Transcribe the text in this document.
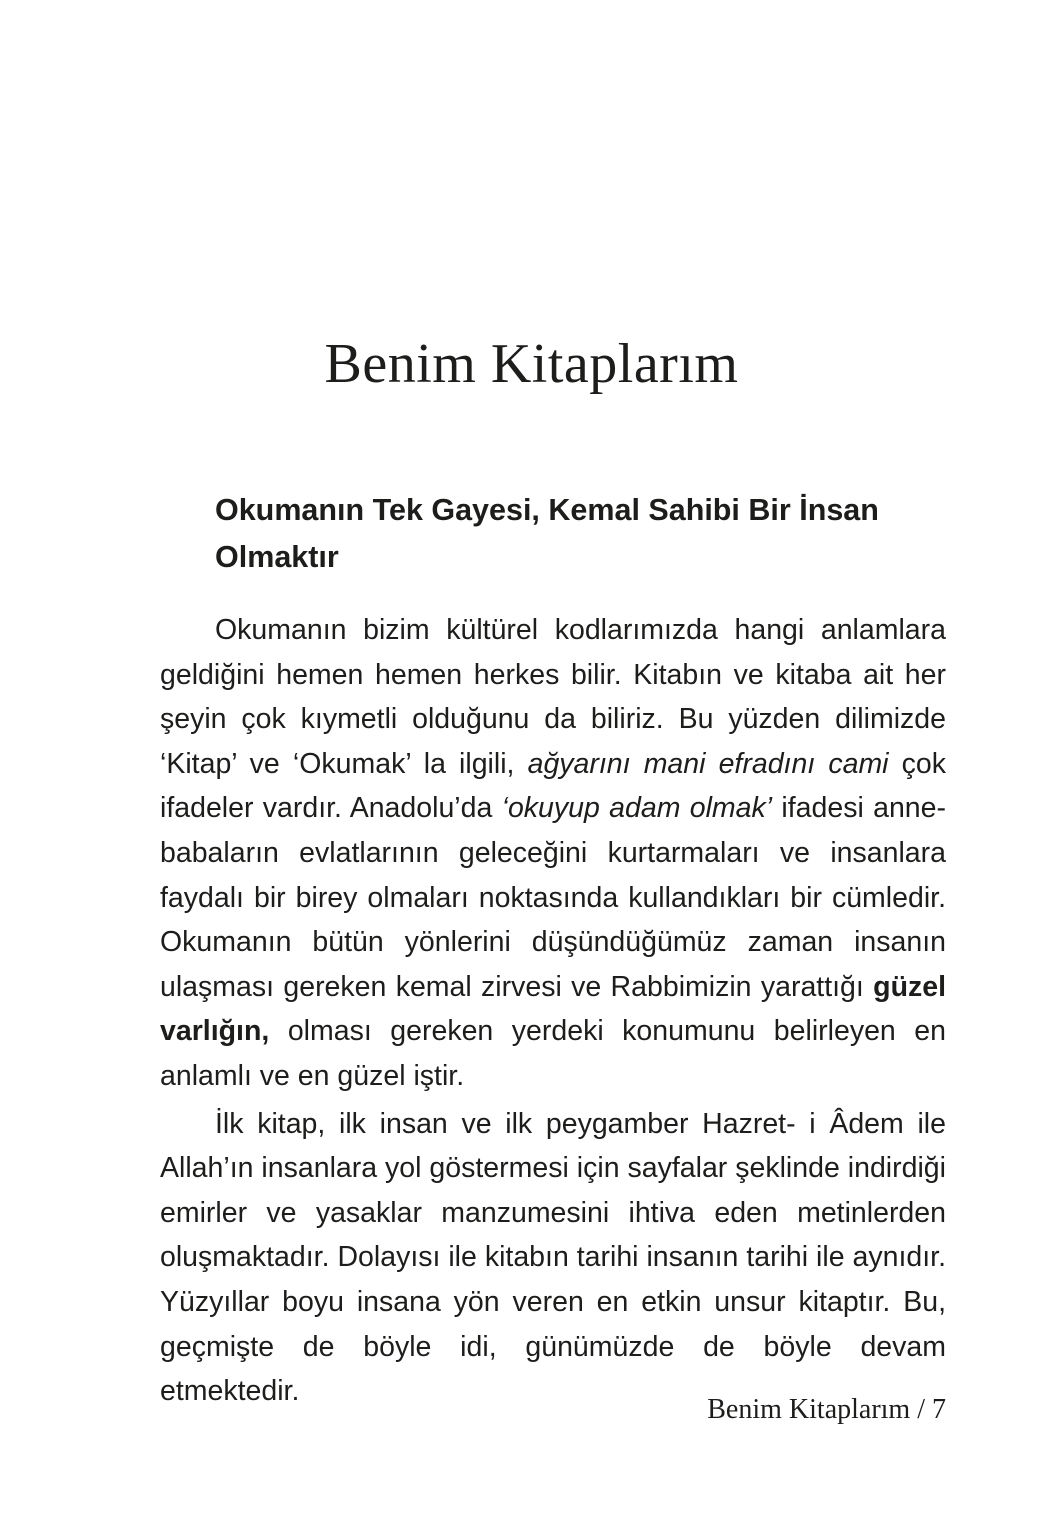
Benim Kitaplarım
Okumanın Tek Gayesi, Kemal Sahibi Bir İnsan Olmaktır

Okumanın bizim kültürel kodlarımızda hangi anlamlara geldiğini hemen hemen herkes bilir. Kitabın ve kitaba ait her şeyin çok kıymetli olduğunu da biliriz. Bu yüzden dilimizde ‘Kitap’ ve ‘Okumak’ la ilgili, ağyarını mani efradını cami çok ifadeler vardır. Anadolu’da ‘okuyup adam olmak’ ifadesi anne-babaların evlatlarının geleceğini kurtarmaları ve insanlara faydalı bir birey olmaları noktasında kullandıkları bir cümledir. Okumanın bütün yönlerini düşündüğümüz zaman insanın ulaşması gereken kemal zirvesi ve Rabbimizin yarattığı güzel varlığın, olması gereken yerdeki konumunu belirleyen en anlamlı ve en güzel iştir.

İlk kitap, ilk insan ve ilk peygamber Hazret- i Âdem ile Allah’ın insanlara yol göstermesi için sayfalar şeklinde indirdiği emirler ve yasaklar manzumesini ihtiva eden metinlerden oluşmaktadır. Dolayısı ile kitabın tarihi insanın tarihi ile aynıdır. Yüzyıllar boyu insana yön veren en etkin unsur kitaptır. Bu, geçmişte de böyle idi, günümüzde de böyle devam etmektedir.

Benim Kitaplarım / 7
